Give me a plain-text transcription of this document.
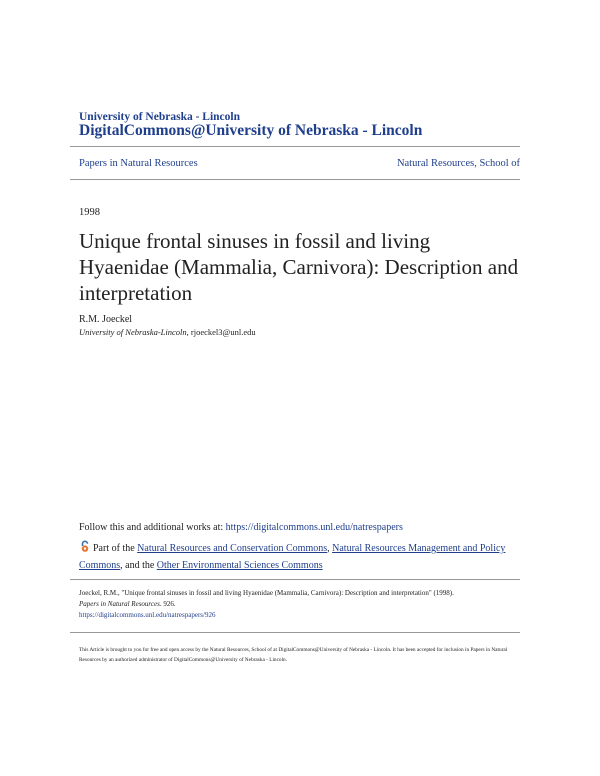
University of Nebraska - Lincoln
DigitalCommons@University of Nebraska - Lincoln
Papers in Natural Resources	Natural Resources, School of
1998
Unique frontal sinuses in fossil and living Hyaenidae (Mammalia, Carnivora): Description and interpretation
R.M. Joeckel
University of Nebraska-Lincoln, rjoeckel3@unl.edu
Follow this and additional works at: https://digitalcommons.unl.edu/natrespapers
Part of the Natural Resources and Conservation Commons, Natural Resources Management and Policy Commons, and the Other Environmental Sciences Commons
Joeckel, R.M., "Unique frontal sinuses in fossil and living Hyaenidae (Mammalia, Carnivora): Description and interpretation" (1998).
Papers in Natural Resources. 926.
https://digitalcommons.unl.edu/natrespapers/926
This Article is brought to you for free and open access by the Natural Resources, School of at DigitalCommons@University of Nebraska - Lincoln. It has been accepted for inclusion in Papers in Natural Resources by an authorized administrator of DigitalCommons@University of Nebraska - Lincoln.
